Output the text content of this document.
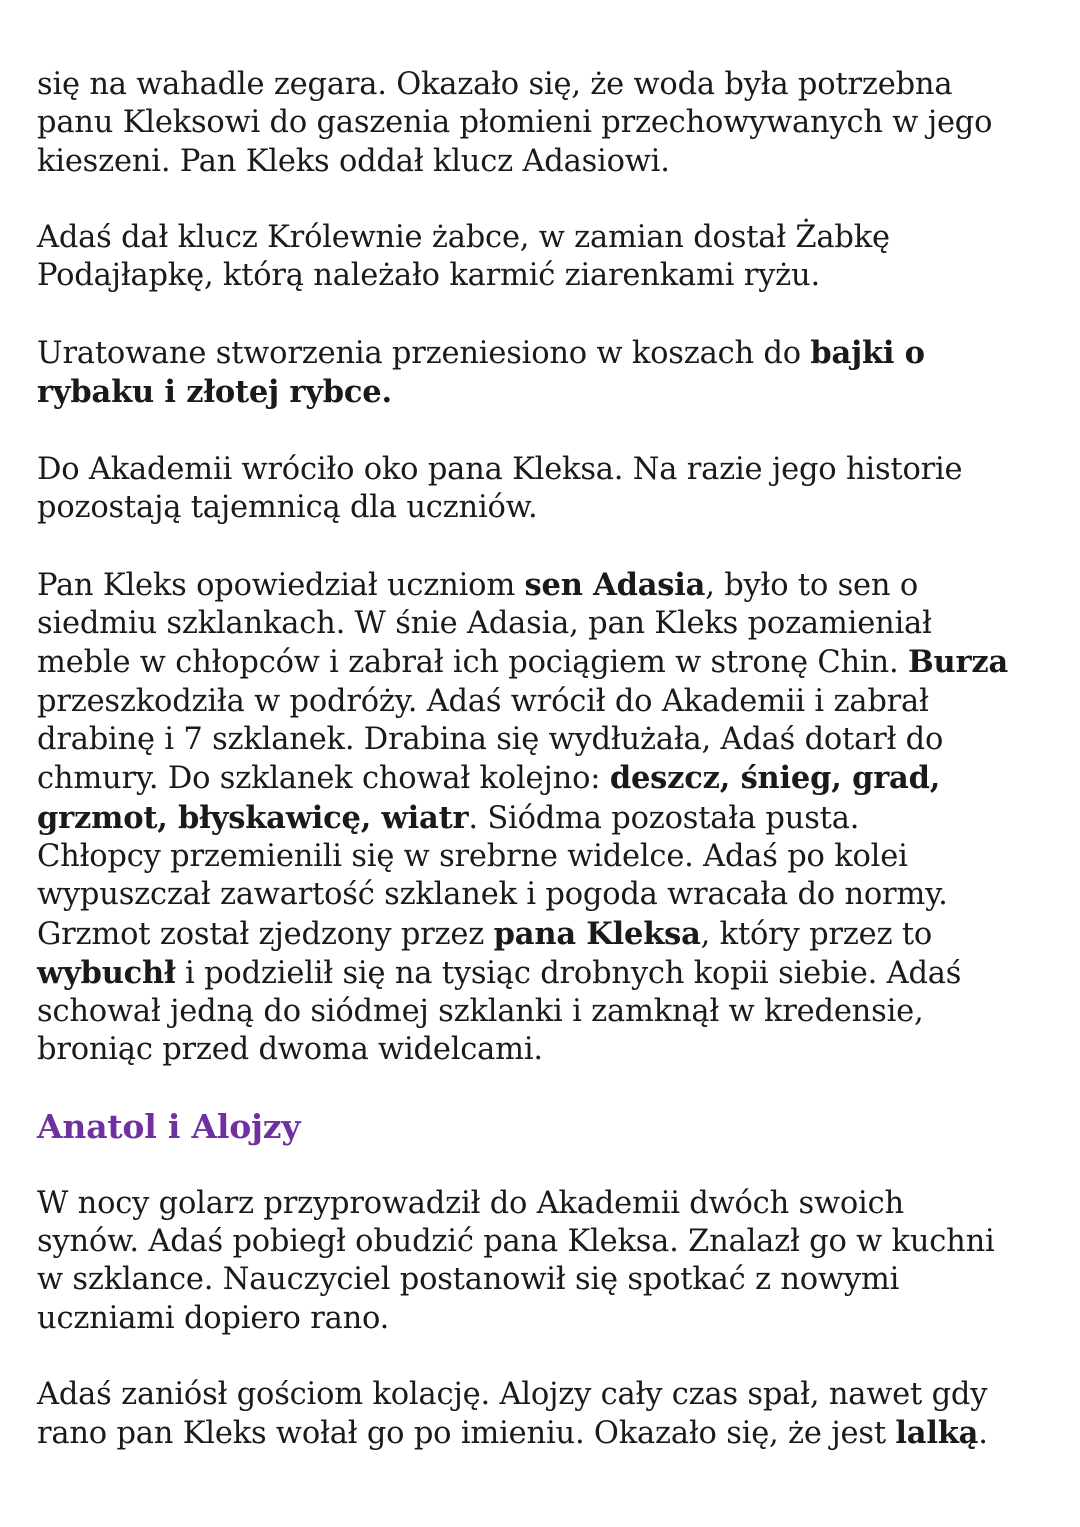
się na wahadle zegara. Okazało się, że woda była potrzebna
panu Kleksowi do gaszenia płomieni przechowywanych w jego
kieszeni. Pan Kleks oddał klucz Adasiowi.
Adaś dał klucz Królewnie żabce, w zamian dostał Żabkę
Podajłapkę, którą należało karmić ziarenkami ryżu.
Uratowane stworzenia przeniesiono w koszach do bajki o
rybaku i złotej rybce.
Do Akademii wróciło oko pana Kleksa. Na razie jego historie
pozostają tajemnicą dla uczniów.
Pan Kleks opowiedział uczniom sen Adasia, było to sen o
siedmiu szklankach. W śnie Adasia, pan Kleks pozamieniał
meble w chłopców i zabrał ich pociągiem w stronę Chin. Burza
przeszkodziła w podróży. Adaś wrócił do Akademii i zabrał
drabinę i 7 szklanek. Drabina się wydłużała, Adaś dotarł do
chmury. Do szklanek chował kolejno: deszcz, śnieg, grad,
grzmot, błyskawicę, wiatr. Siódma pozostała pusta.
Chłopcy przemienili się w srebrne widelce. Adaś po kolei
wypuszczał zawartość szklanek i pogoda wracała do normy.
Grzmot został zjedzony przez pana Kleksa, który przez to
wybuchł i podzielił się na tysiąc drobnych kopii siebie. Adaś
schował jedną do siódmej szklanki i zamknął w kredensie,
broniąc przed dwoma widelcami.
Anatol i Alojzy
W nocy golarz przyprowadził do Akademii dwóch swoich
synów. Adaś pobiegł obudzić pana Kleksa. Znalazł go w kuchni
w szklance. Nauczyciel postanowił się spotkać z nowymi
uczniami dopiero rano.
Adaś zaniósł gościom kolację. Alojzy cały czas spał, nawet gdy
rano pan Kleks wołał go po imieniu. Okazało się, że jest lalką.
